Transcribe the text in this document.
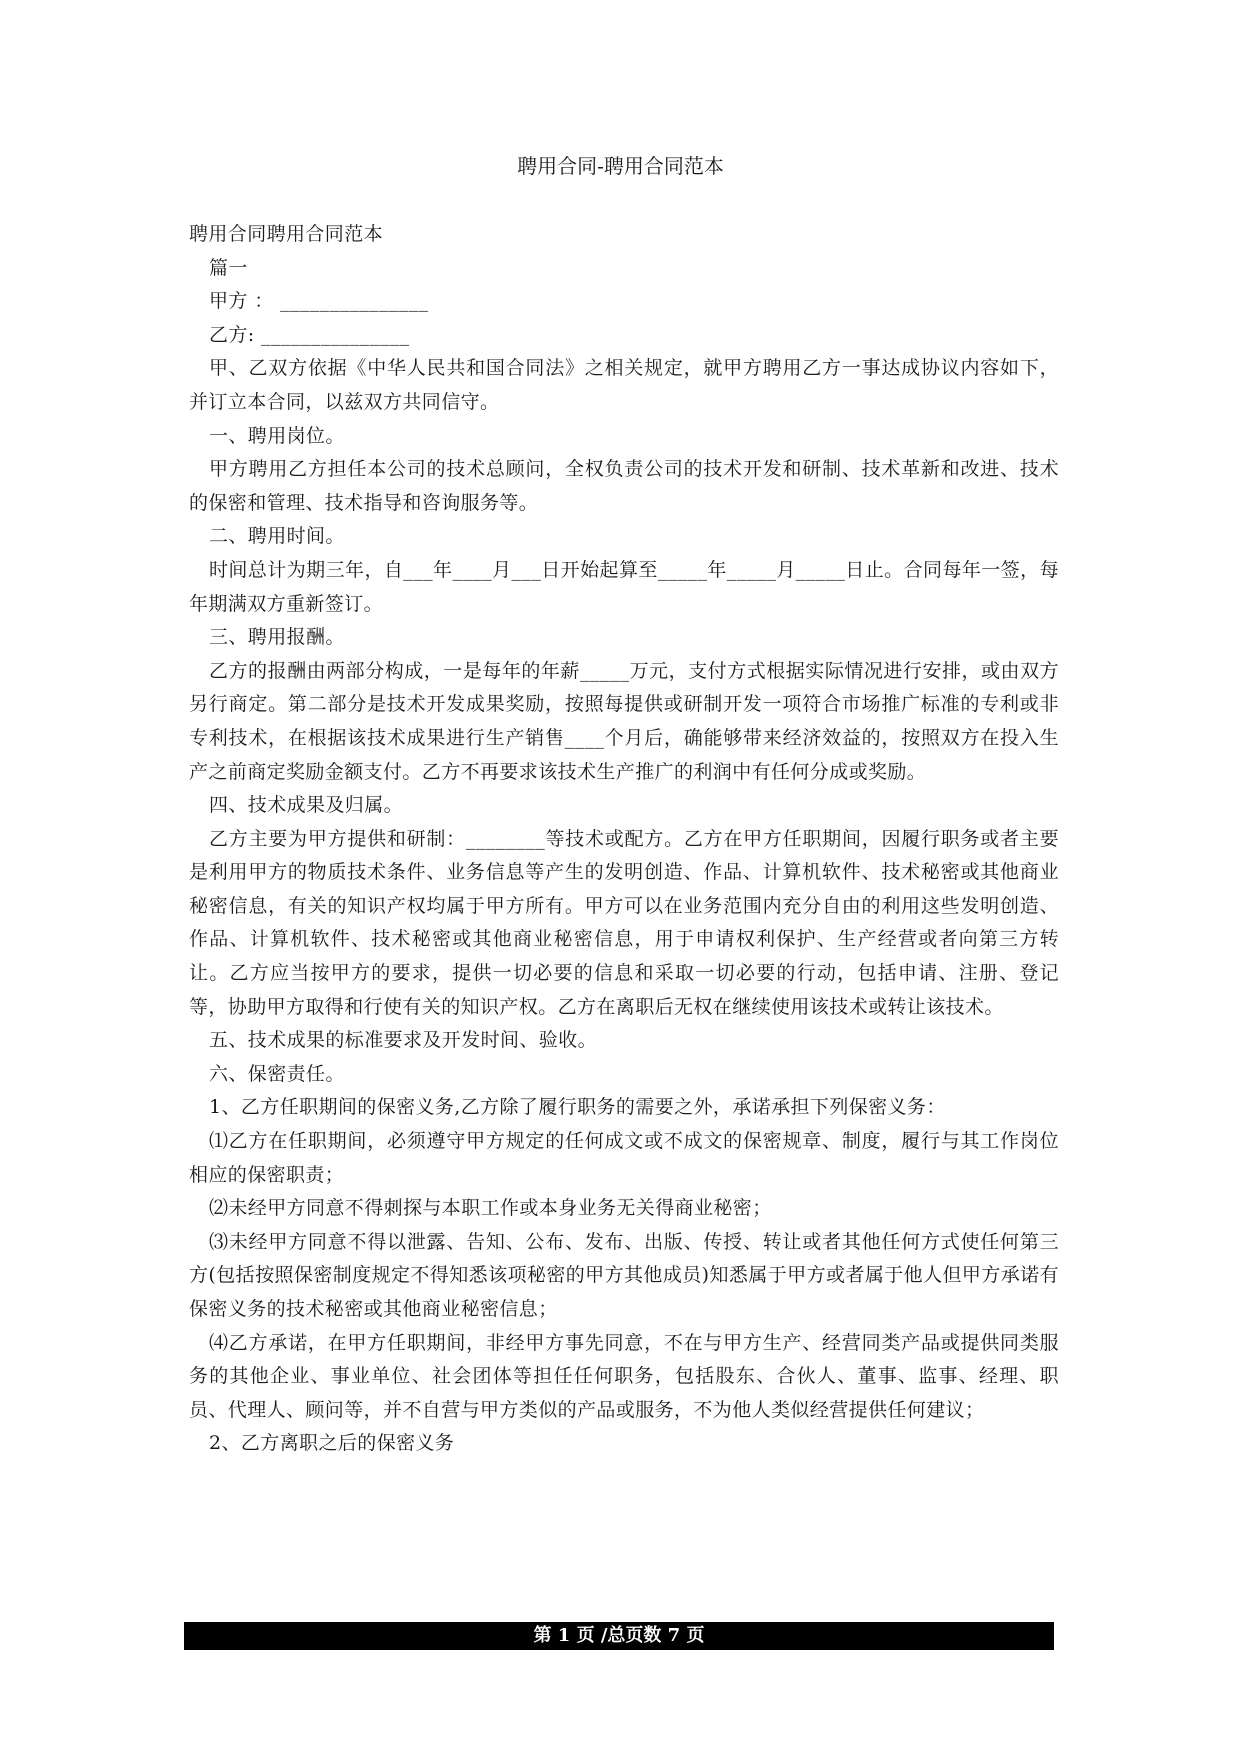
聘用合同-聘用合同范本

聘用合同聘用合同范本

篇一

甲方 ： _______________

乙方: _______________

甲、乙双方依据《中华人民共和国合同法》之相关规定，就甲方聘用乙方一事达成协议内容如下，并订立本合同，以兹双方共同信守。

一、聘用岗位。

甲方聘用乙方担任本公司的技术总顾问，全权负责公司的技术开发和研制、技术革新和改进、技术的保密和管理、技术指导和咨询服务等。

二、聘用时间。

时间总计为期三年，自___年____月___日开始起算至_____年_____月_____日止。合同每年一签，每年期满双方重新签订。

三、聘用报酬。

乙方的报酬由两部分构成，一是每年的年薪_____万元，支付方式根据实际情况进行安排，或由双方另行商定。第二部分是技术开发成果奖励，按照每提供或研制开发一项符合市场推广标准的专利或非专利技术，在根据该技术成果进行生产销售____个月后，确能够带来经济效益的，按照双方在投入生产之前商定奖励金额支付。乙方不再要求该技术生产推广的利润中有任何分成或奖励。

四、技术成果及归属。

乙方主要为甲方提供和研制：________等技术或配方。乙方在甲方任职期间，因履行职务或者主要是利用甲方的物质技术条件、业务信息等产生的发明创造、作品、计算机软件、技术秘密或其他商业秘密信息，有关的知识产权均属于甲方所有。甲方可以在业务范围内充分自由的利用这些发明创造、作品、计算机软件、技术秘密或其他商业秘密信息，用于申请权利保护、生产经营或者向第三方转让。乙方应当按甲方的要求，提供一切必要的信息和采取一切必要的行动，包括申请、注册、登记等，协助甲方取得和行使有关的知识产权。乙方在离职后无权在继续使用该技术或转让该技术。

五、技术成果的标准要求及开发时间、验收。

六、保密责任。

1、乙方任职期间的保密义务,乙方除了履行职务的需要之外，承诺承担下列保密义务：

⑴乙方在任职期间，必须遵守甲方规定的任何成文或不成文的保密规章、制度，履行与其工作岗位相应的保密职责；

⑵未经甲方同意不得刺探与本职工作或本身业务无关得商业秘密；

⑶未经甲方同意不得以泄露、告知、公布、发布、出版、传授、转让或者其他任何方式使任何第三方(包括按照保密制度规定不得知悉该项秘密的甲方其他成员)知悉属于甲方或者属于他人但甲方承诺有保密义务的技术秘密或其他商业秘密信息；

⑷乙方承诺，在甲方任职期间，非经甲方事先同意，不在与甲方生产、经营同类产品或提供同类服务的其他企业、事业单位、社会团体等担任任何职务，包括股东、合伙人、董事、监事、经理、职员、代理人、顾问等，并不自营与甲方类似的产品或服务，不为他人类似经营提供任何建议；

2、乙方离职之后的保密义务

第 1 页 /总页数 7 页
